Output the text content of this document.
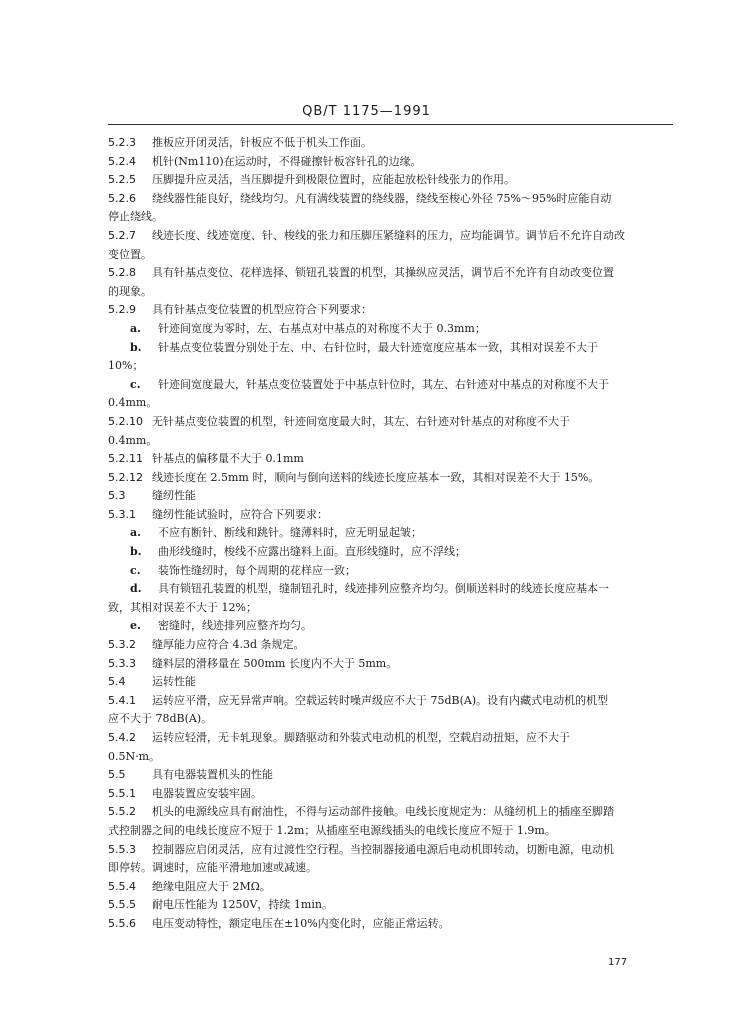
QB/T 1175—1991
5.2.3 推板应开闭灵活，针板应不低于机头工作面。
5.2.4 机针(Nm110)在运动时，不得碰擦针板容针孔的边缘。
5.2.5 压脚提升应灵活，当压脚提升到极限位置时，应能起放松针线张力的作用。
5.2.6 绕线器性能良好，绕线均匀。凡有满线装置的绕线器，绕线至梭心外径 75%～95%时应能自动
停止绕线。
5.2.7 线迹长度、线迹宽度、针、梭线的张力和压脚压紧缝料的压力，应均能调节。调节后不允许自动改
变位置。
5.2.8 具有针基点变位、花样选择、锁钮孔装置的机型，其操纵应灵活，调节后不允许有自动改变位置
的现象。
5.2.9 具有针基点变位装置的机型应符合下列要求：
a. 针迹间宽度为零时，左、右基点对中基点的对称度不大于 0.3mm；
b. 针基点变位装置分别处于左、中、右针位时，最大针迹宽度应基本一致，其相对误差不大于
10%；
c. 针迹间宽度最大，针基点变位装置处于中基点针位时，其左、右针迹对中基点的对称度不大于
0.4mm。
5.2.10 无针基点变位装置的机型，针迹间宽度最大时，其左、右针迹对针基点的对称度不大于
0.4mm。
5.2.11 针基点的偏移量不大于 0.1mm
5.2.12 线迹长度在 2.5mm 时，顺向与倒向送料的线迹长度应基本一致，其相对误差不大于 15%。
5.3 缝纫性能
5.3.1 缝纫性能试验时，应符合下列要求：
a. 不应有断针、断线和跳针。缝薄料时，应无明显起皱；
b. 曲形线缝时，梭线不应露出缝料上面。直形线缝时，应不浮线；
c. 装饰性缝纫时，每个周期的花样应一致；
d. 具有锁钮孔装置的机型，缝制钮孔时，线迹排列应整齐均匀。倒顺送料时的线迹长度应基本一
致，其相对误差不大于 12%；
e. 密缝时，线迹排列应整齐均匀。
5.3.2 缝厚能力应符合 4.3d 条规定。
5.3.3 缝料层的滑移量在 500mm 长度内不大于 5mm。
5.4 运转性能
5.4.1 运转应平滑，应无异常声响。空载运转时噪声级应不大于 75dB(A)。设有内藏式电动机的机型
应不大于 78dB(A)。
5.4.2 运转应轻滑，无卡轧现象。脚踏驱动和外装式电动机的机型，空载启动扭矩，应不大于
0.5N·m。
5.5 具有电器装置机头的性能
5.5.1 电器装置应安装牢固。
5.5.2 机头的电源线应具有耐油性，不得与运动部件接触。电线长度规定为：从缝纫机上的插座至脚踏
式控制器之间的电线长度应不短于 1.2m；从插座至电源线插头的电线长度应不短于 1.9m。
5.5.3 控制器应启闭灵活，应有过渡性空行程。当控制器接通电源后电动机即转动，切断电源，电动机
即停转。调速时，应能平滑地加速或减速。
5.5.4 绝缘电阻应大于 2MΩ。
5.5.5 耐电压性能为 1250V，持续 1min。
5.5.6 电压变动特性，额定电压在±10%内变化时，应能正常运转。
177
